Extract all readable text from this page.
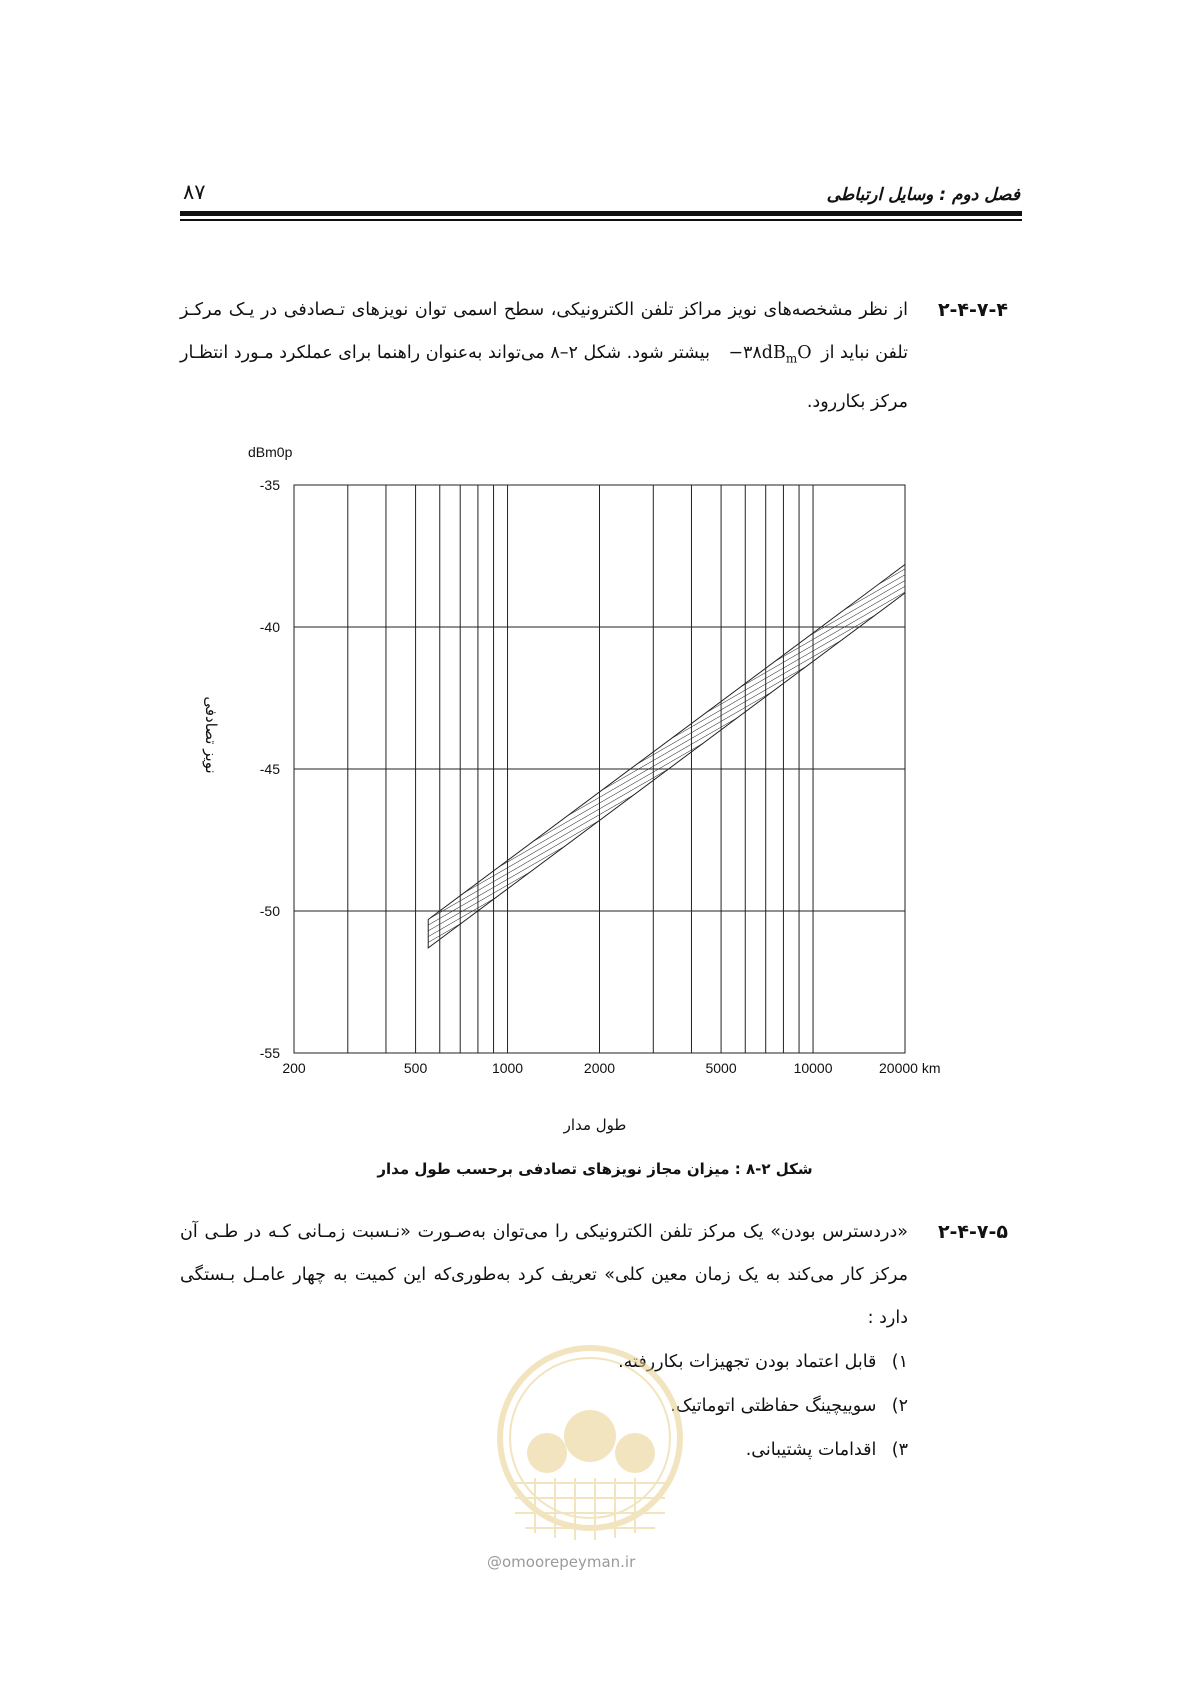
۸۷	فصل دوم : وسایل ارتباطی
۲-۴-۷-۴
از نظر مشخصه‌های نویز مراکز تلفن الکترونیکی، سطح اسمی توان نویزهای تـصادفی در یـک مرکـز
تلفن نباید از $-۳۸dB_mO$
بیشتر شود. شکل ۲–۸ می‌تواند به‌عنوان راهنما برای عملکرد مـورد انتظـار
مرکز بکاررود.
-35
-40
-45
-50
-55
200	500	1000	2000	5000	10000	20000 km
dBm0p
نویز تصادفی
طول مدار
شکل ۲-۸ : میزان مجاز نویزهای تصادفی برحسب طول مدار
۲-۴-۷-۵
«دردسترس بودن» یک مرکز تلفن الکترونیکی را می‌توان به‌صـورت «نـسبت زمـانی کـه در طـی آن
مرکز کار می‌کند به یک زمان معین کلی» تعریف کرد به‌طوری‌که این کمیت به چهار عامـل بـستگی
دارد :
۱) قابل اعتماد بودن تجهیزات بکاررفته.
۲) سوییچینگ حفاظتی اتوماتیک.
۳) اقدامات پشتیبانی.
@omoorepeyman.ir
